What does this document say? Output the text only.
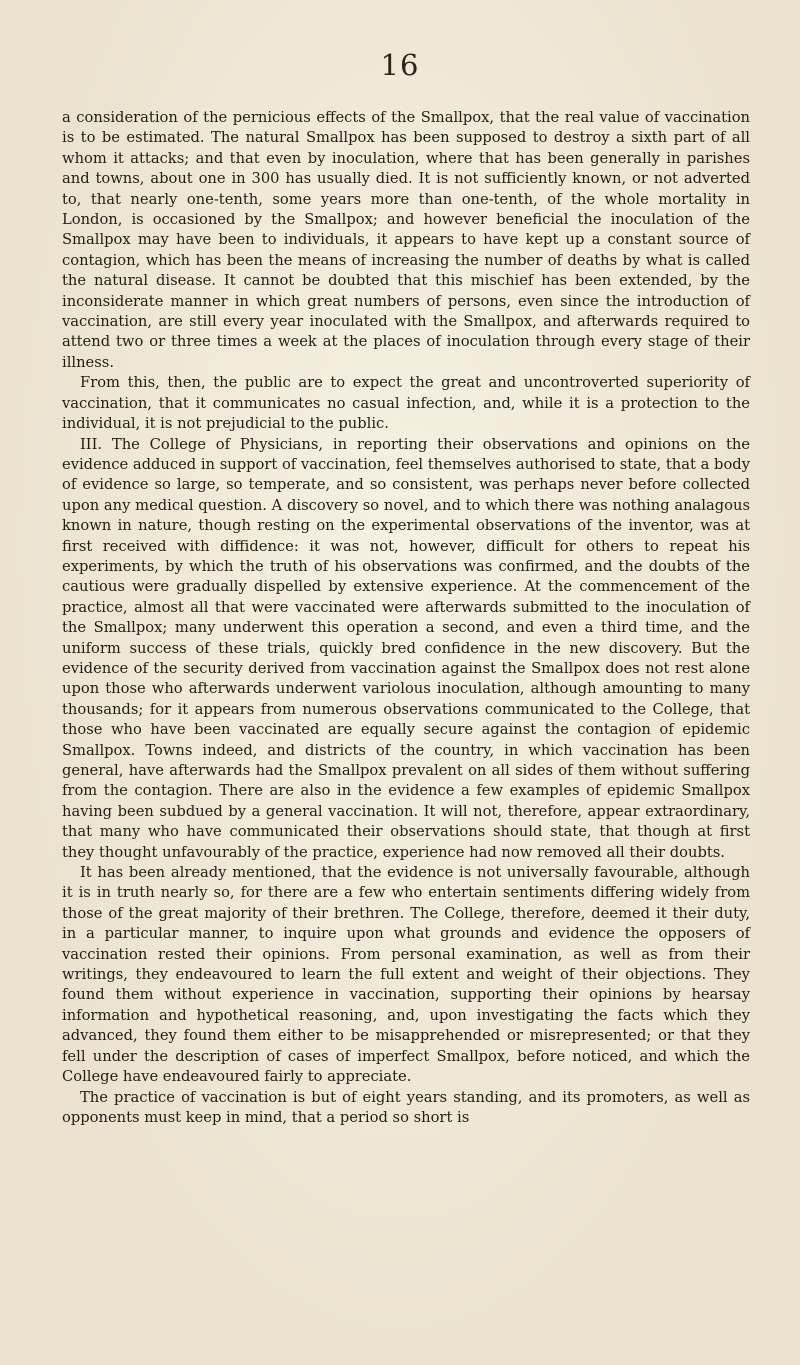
16

a consideration of the pernicious effects of the Smallpox, that the real value of vaccination is to be estimated. The natural Smallpox has been supposed to destroy a sixth part of all whom it attacks; and that even by inoculation, where that has been generally in parishes and towns, about one in 300 has usually died. It is not sufficiently known, or not adverted to, that nearly one-tenth, some years more than one-tenth, of the whole mortality in London, is occasioned by the Smallpox; and however beneficial the inoculation of the Smallpox may have been to individuals, it appears to have kept up a constant source of contagion, which has been the means of increasing the number of deaths by what is called the natural disease. It cannot be doubted that this mischief has been extended, by the inconsiderate manner in which great numbers of persons, even since the introduction of vaccination, are still every year inoculated with the Smallpox, and afterwards required to attend two or three times a week at the places of inoculation through every stage of their illness.

From this, then, the public are to expect the great and uncontroverted superiority of vaccination, that it communicates no casual infection, and, while it is a protection to the individual, it is not prejudicial to the public.

III. The College of Physicians, in reporting their observations and opinions on the evidence adduced in support of vaccination, feel themselves authorised to state, that a body of evidence so large, so temperate, and so consistent, was perhaps never before collected upon any medical question. A discovery so novel, and to which there was nothing analagous known in nature, though resting on the experimental observations of the inventor, was at first received with diffidence: it was not, however, difficult for others to repeat his experiments, by which the truth of his observations was confirmed, and the doubts of the cautious were gradually dispelled by extensive experience. At the commencement of the practice, almost all that were vaccinated were afterwards submitted to the inoculation of the Smallpox; many underwent this operation a second, and even a third time, and the uniform success of these trials, quickly bred confidence in the new discovery. But the evidence of the security derived from vaccination against the Smallpox does not rest alone upon those who afterwards underwent variolous inoculation, although amounting to many thousands; for it appears from numerous observations communicated to the College, that those who have been vaccinated are equally secure against the contagion of epidemic Smallpox. Towns indeed, and districts of the country, in which vaccination has been general, have afterwards had the Smallpox prevalent on all sides of them without suffering from the contagion. There are also in the evidence a few examples of epidemic Smallpox having been subdued by a general vaccination. It will not, therefore, appear extraordinary, that many who have communicated their observations should state, that though at first they thought unfavourably of the practice, experience had now removed all their doubts.

It has been already mentioned, that the evidence is not universally favourable, although it is in truth nearly so, for there are a few who entertain sentiments differing widely from those of the great majority of their brethren. The College, therefore, deemed it their duty, in a particular manner, to inquire upon what grounds and evidence the opposers of vaccination rested their opinions. From personal examination, as well as from their writings, they endeavoured to learn the full extent and weight of their objections. They found them without experience in vaccination, supporting their opinions by hearsay information and hypothetical reasoning, and, upon investigating the facts which they advanced, they found them either to be misapprehended or misrepresented; or that they fell under the description of cases of imperfect Smallpox, before noticed, and which the College have endeavoured fairly to appreciate.

The practice of vaccination is but of eight years standing, and its promoters, as well as opponents must keep in mind, that a period so short is
